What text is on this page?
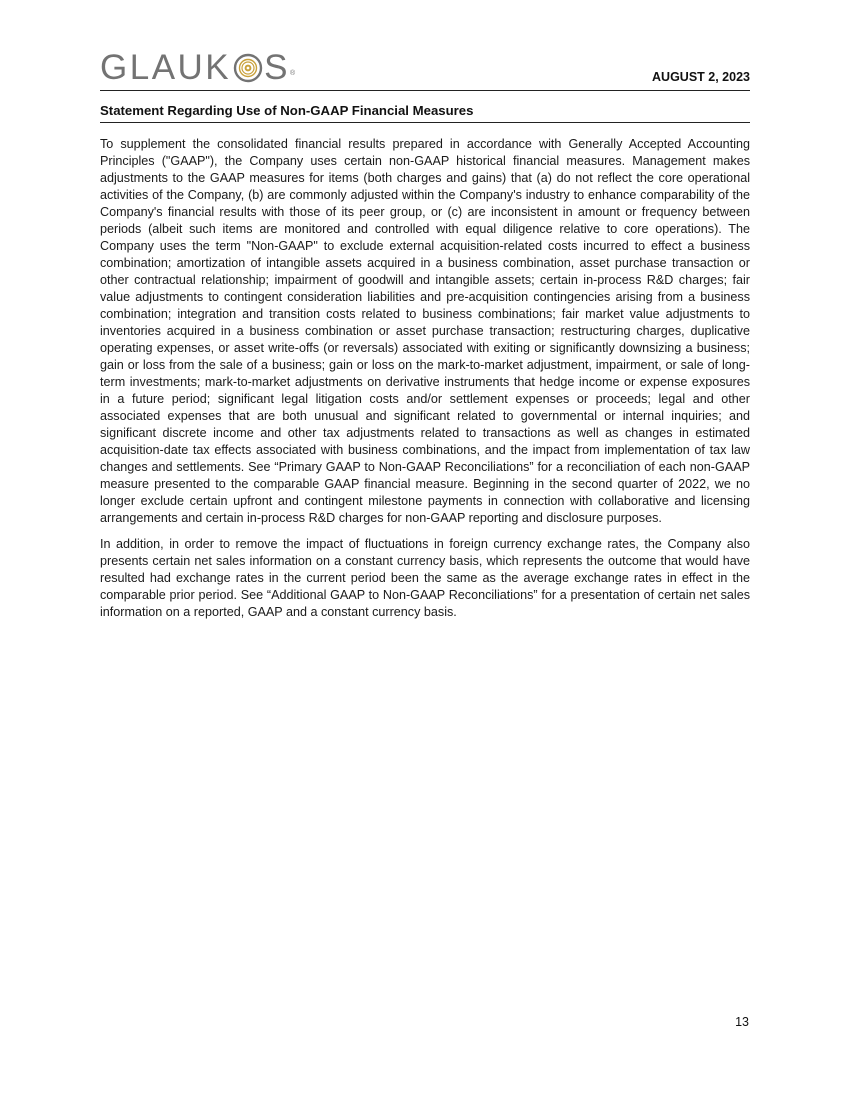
GLAUK S ®	AUGUST 2, 2023
Statement Regarding Use of Non-GAAP Financial Measures

To supplement the consolidated financial results prepared in accordance with Generally Accepted Accounting Principles ("GAAP"), the Company uses certain non-GAAP historical financial measures. Management makes adjustments to the GAAP measures for items (both charges and gains) that (a) do not reflect the core operational activities of the Company, (b) are commonly adjusted within the Company's industry to enhance comparability of the Company's financial results with those of its peer group, or (c) are inconsistent in amount or frequency between periods (albeit such items are monitored and controlled with equal diligence relative to core operations). The Company uses the term "Non-GAAP" to exclude external acquisition-related costs incurred to effect a business combination; amortization of intangible assets acquired in a business combination, asset purchase transaction or other contractual relationship; impairment of goodwill and intangible assets; certain in-process R&D charges; fair value adjustments to contingent consideration liabilities and pre-acquisition contingencies arising from a business combination; integration and transition costs related to business combinations; fair market value adjustments to inventories acquired in a business combination or asset purchase transaction; restructuring charges, duplicative operating expenses, or asset write-offs (or reversals) associated with exiting or significantly downsizing a business; gain or loss from the sale of a business; gain or loss on the mark-to-market adjustment, impairment, or sale of long-term investments; mark-to-market adjustments on derivative instruments that hedge income or expense exposures in a future period; significant legal litigation costs and/or settlement expenses or proceeds; legal and other associated expenses that are both unusual and significant related to governmental or internal inquiries; and significant discrete income and other tax adjustments related to transactions as well as changes in estimated acquisition-date tax effects associated with business combinations, and the impact from implementation of tax law changes and settlements. See “Primary GAAP to Non-GAAP Reconciliations” for a reconciliation of each non-GAAP measure presented to the comparable GAAP financial measure. Beginning in the second quarter of 2022, we no longer exclude certain upfront and contingent milestone payments in connection with collaborative and licensing arrangements and certain in-process R&D charges for non-GAAP reporting and disclosure purposes.

In addition, in order to remove the impact of fluctuations in foreign currency exchange rates, the Company also presents certain net sales information on a constant currency basis, which represents the outcome that would have resulted had exchange rates in the current period been the same as the average exchange rates in effect in the comparable prior period. See “Additional GAAP to Non-GAAP Reconciliations” for a presentation of certain net sales information on a reported, GAAP and a constant currency basis.

13
